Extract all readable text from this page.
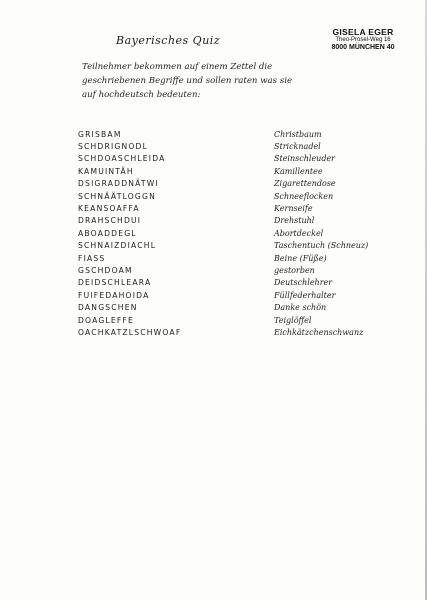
Bayerisches Quiz
GISELA EGER
Theo-Prosel-Weg 16
8000 MÜNCHEN 40
Teilnehmer bekommen auf einem Zettel die
geschriebenen Begriffe und sollen raten was sie
auf hochdeutsch bedeuten:
GRISBAM	Christbaum
SCHDRIGNODL	Stricknadel
SCHDOASCHLEIDA	Steinschleuder
KAMUINTÄH	Kamillentee
DSIGRADDNÄTWI	Zigarettendose
SCHNÄÄTLOGGN	Schneeflocken
KEANSOAFFA	Kernseife
DRAHSCHDUI	Drehstuhl
ABOADDEGL	Abortdeckel
SCHNAIZDIACHL	Taschentuch (Schneuz)
FIASS	Beine (Füße)
GSCHDOAM	gestorben
DEIDSCHLEARA	Deutschlehrer
FUIFEDAHOIDA	Füllfederhalter
DANGSCHEN	Danke schön
DOAGLEFFE	Teiglöffel
OACHKATZLSCHWOAF	Eichkätzchenschwanz
